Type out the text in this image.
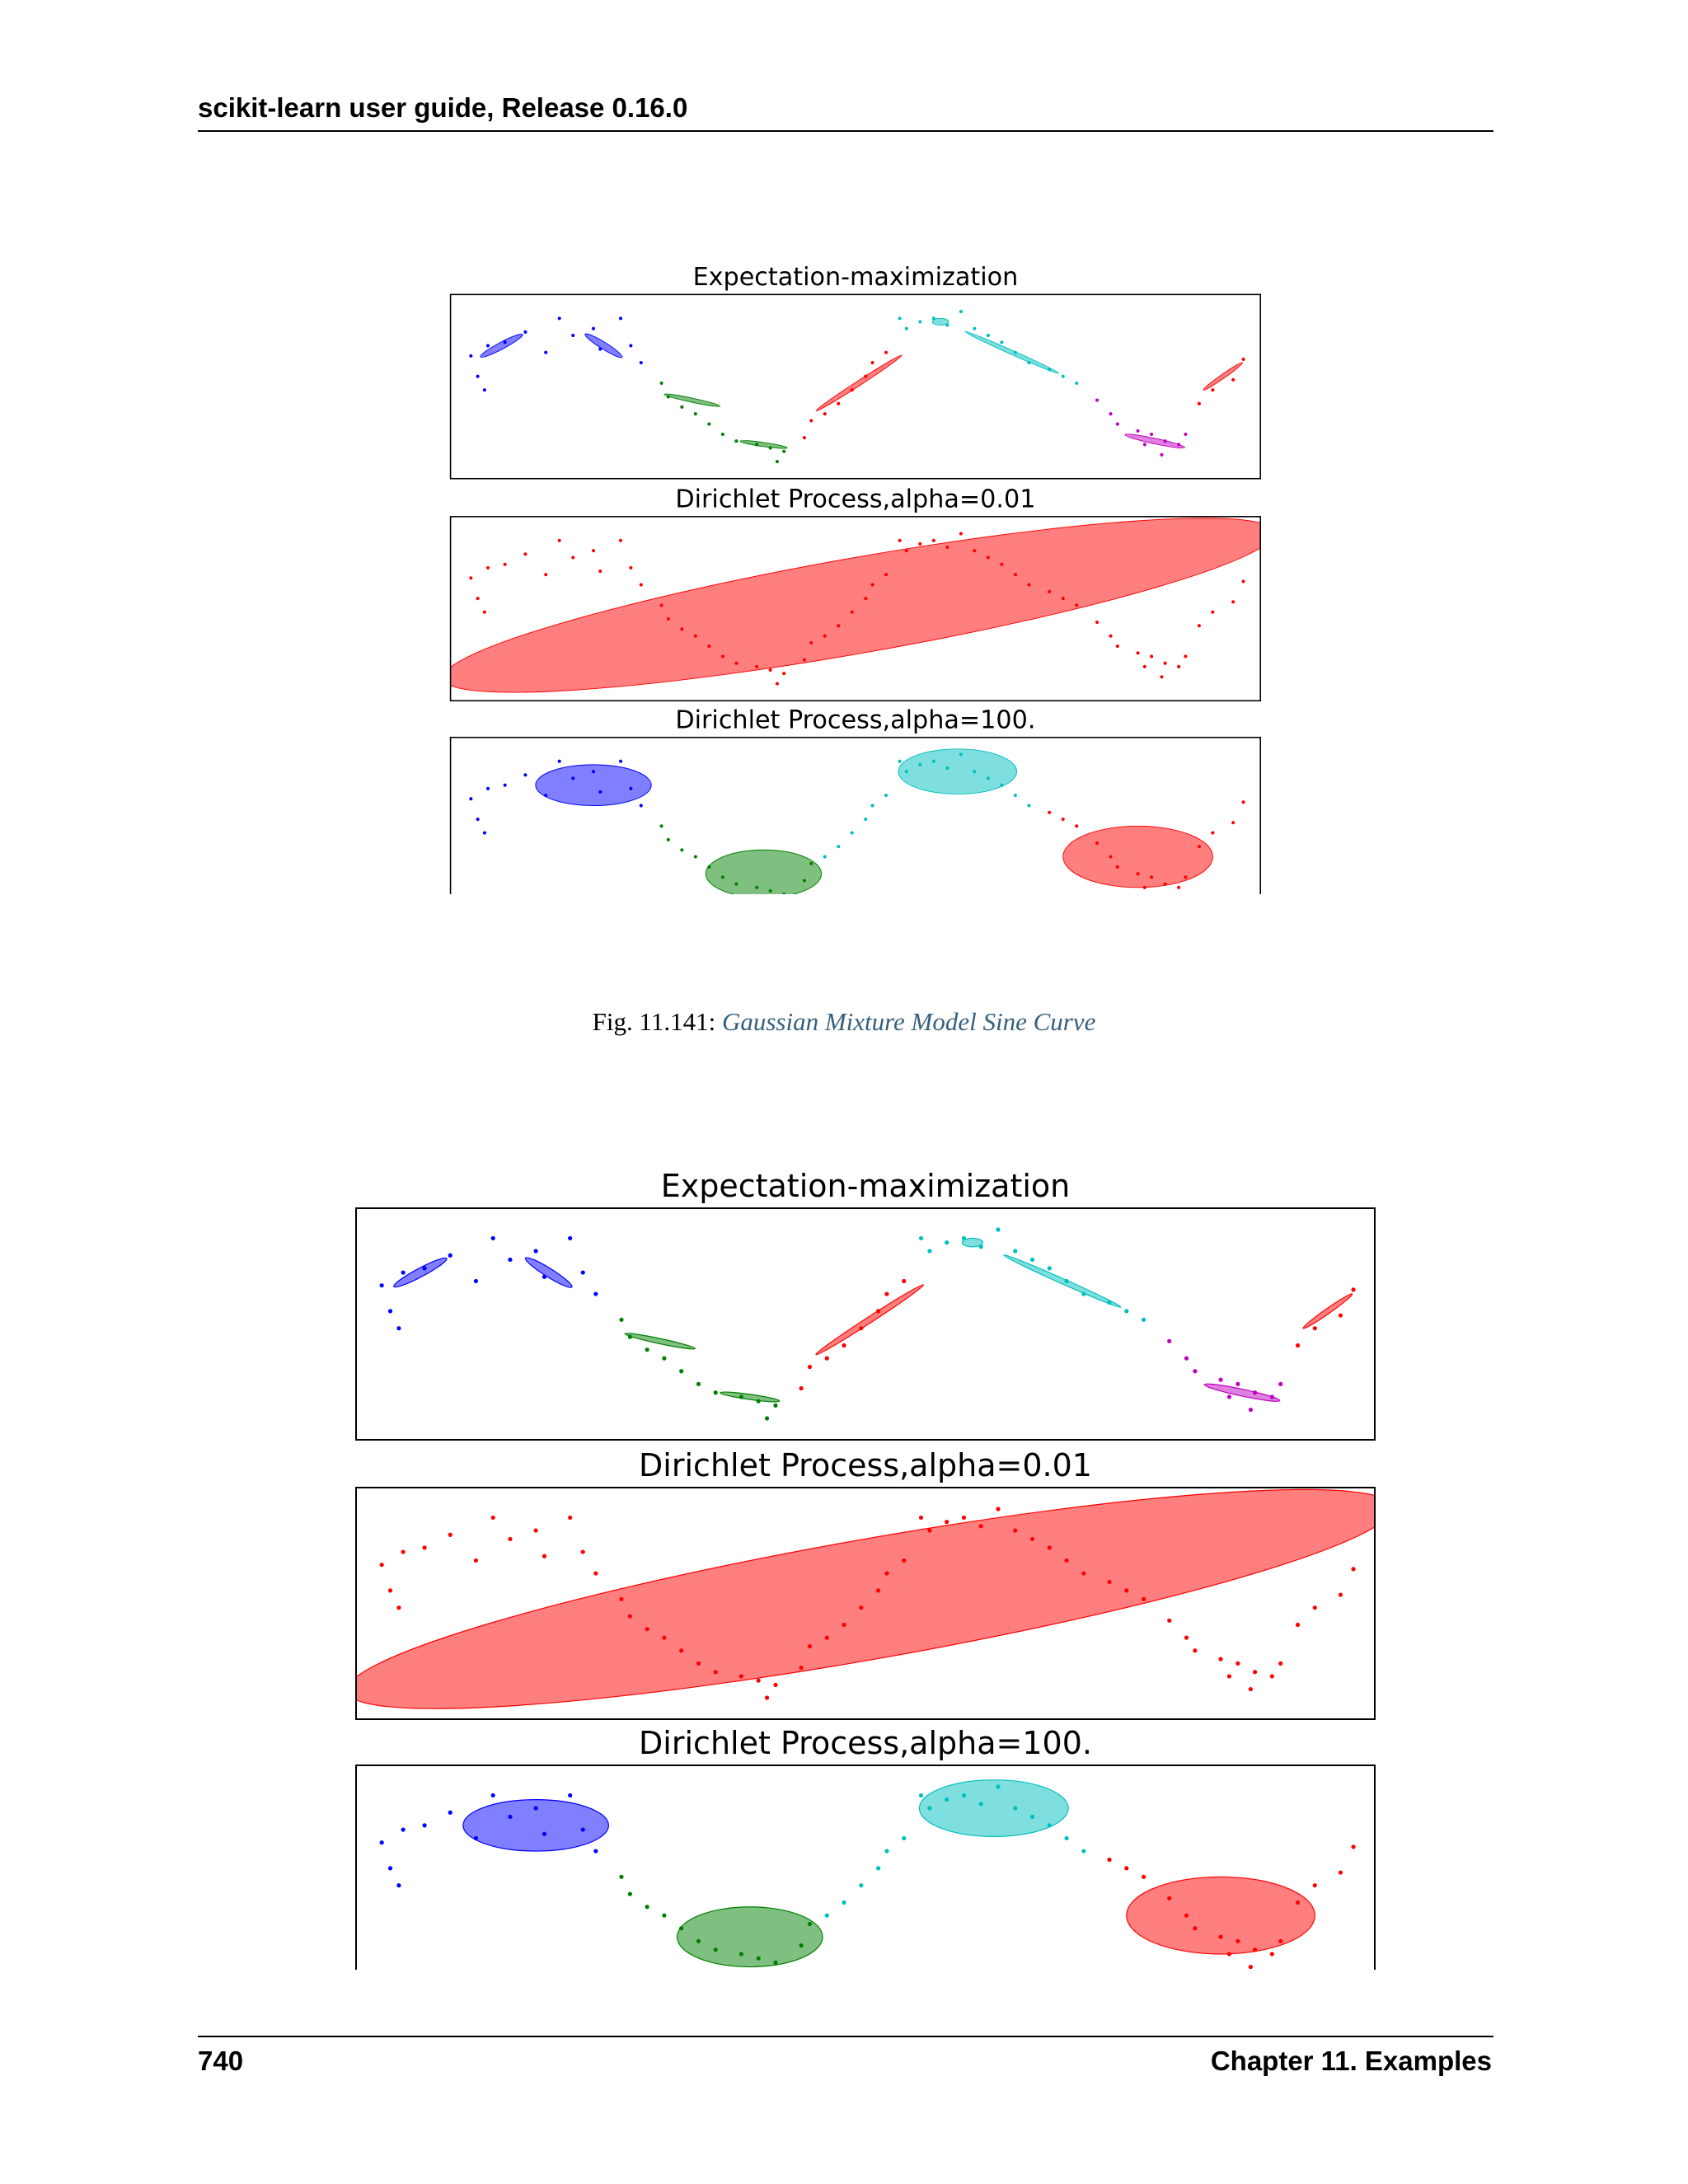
scikit-learn user guide, Release 0.16.0
Expectation-maximization
Dirichlet Process,alpha=0.01
Dirichlet Process,alpha=100.
Fig. 11.141: Gaussian Mixture Model Sine Curve
Expectation-maximization
Dirichlet Process,alpha=0.01
Dirichlet Process,alpha=100.
740	Chapter 11. Examples
